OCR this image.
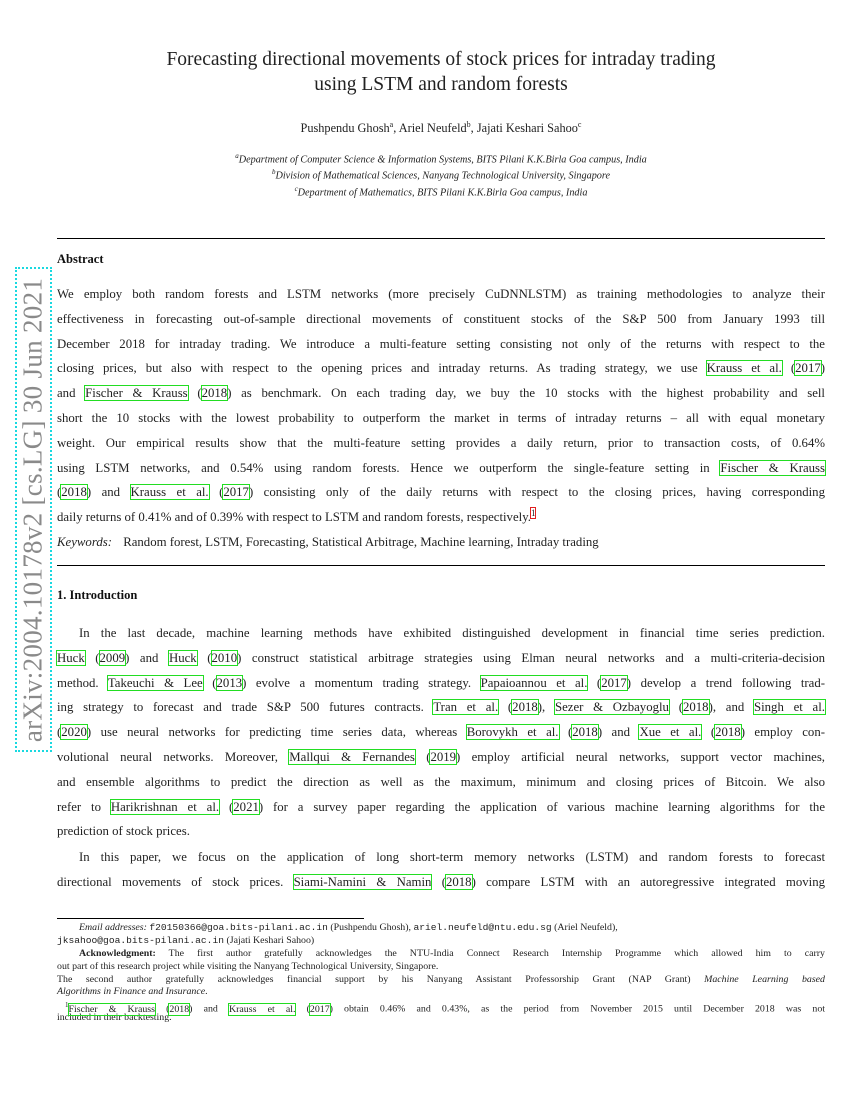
arXiv:2004.10178v2 [cs.LG] 30 Jun 2021
Forecasting directional movements of stock prices for intraday trading
using LSTM and random forests
Pushpendu Ghosh$^a$, Ariel Neufeld$^b$, Jajati Keshari Sahoo$^c$
$^a$Department of Computer Science & Information Systems, BITS Pilani K.K.Birla Goa campus, India
$^b$Division of Mathematical Sciences, Nanyang Technological University, Singapore
$^c$Department of Mathematics, BITS Pilani K.K.Birla Goa campus, India
Abstract
We employ both random forests and LSTM networks (more precisely CuDNNLSTM) as training methodologies to analyze their
effectiveness in forecasting out-of-sample directional movements of constituent stocks of the S&P 500 from January 1993 till
December 2018 for intraday trading. We introduce a multi-feature setting consisting not only of the returns with respect to the
closing prices, but also with respect to the opening prices and intraday returns. As trading strategy, we use Krauss et al. (2017)
and Fischer & Krauss (2018) as benchmark. On each trading day, we buy the 10 stocks with the highest probability and sell
short the 10 stocks with the lowest probability to outperform the market in terms of intraday returns – all with equal monetary
weight. Our empirical results show that the multi-feature setting provides a daily return, prior to transaction costs, of 0.64%
using LSTM networks, and 0.54% using random forests. Hence we outperform the single-feature setting in Fischer & Krauss
(2018) and Krauss et al. (2017) consisting only of the daily returns with respect to the closing prices, having corresponding
daily returns of 0.41% and of 0.39% with respect to LSTM and random forests, respectively.$^1$
Keywords: Random forest, LSTM, Forecasting, Statistical Arbitrage, Machine learning, Intraday trading
1. Introduction
In the last decade, machine learning methods have exhibited distinguished development in financial time series prediction.
Huck (2009) and Huck (2010) construct statistical arbitrage strategies using Elman neural networks and a multi-criteria-decision
method. Takeuchi & Lee (2013) evolve a momentum trading strategy. Papaioannou et al. (2017) develop a trend following trad-
ing strategy to forecast and trade S&P 500 futures contracts. Tran et al. (2018), Sezer & Ozbayoglu (2018), and Singh et al.
(2020) use neural networks for predicting time series data, whereas Borovykh et al. (2018) and Xue et al. (2018) employ con-
volutional neural networks. Moreover, Mallqui & Fernandes (2019) employ artificial neural networks, support vector machines,
and ensemble algorithms to predict the direction as well as the maximum, minimum and closing prices of Bitcoin. We also
refer to Harikrishnan et al. (2021) for a survey paper regarding the application of various machine learning algorithms for the
prediction of stock prices.
In this paper, we focus on the application of long short-term memory networks (LSTM) and random forests to forecast
directional movements of stock prices. Siami-Namini & Namin (2018) compare LSTM with an autoregressive integrated moving
Email addresses: f20150366@goa.bits-pilani.ac.in (Pushpendu Ghosh), ariel.neufeld@ntu.edu.sg (Ariel Neufeld),
jksahoo@goa.bits-pilani.ac.in (Jajati Keshari Sahoo)
Acknowledgment: The first author gratefully acknowledges the NTU-India Connect Research Internship Programme which allowed him to carry
out part of this research project while visiting the Nanyang Technological University, Singapore.
The second author gratefully acknowledges financial support by his Nanyang Assistant Professorship Grant (NAP Grant) Machine Learning based
Algorithms in Finance and Insurance.
$^1$Fischer & Krauss (2018) and Krauss et al. (2017) obtain 0.46% and 0.43%, as the period from November 2015 until December 2018 was not
included in their backtesting.
